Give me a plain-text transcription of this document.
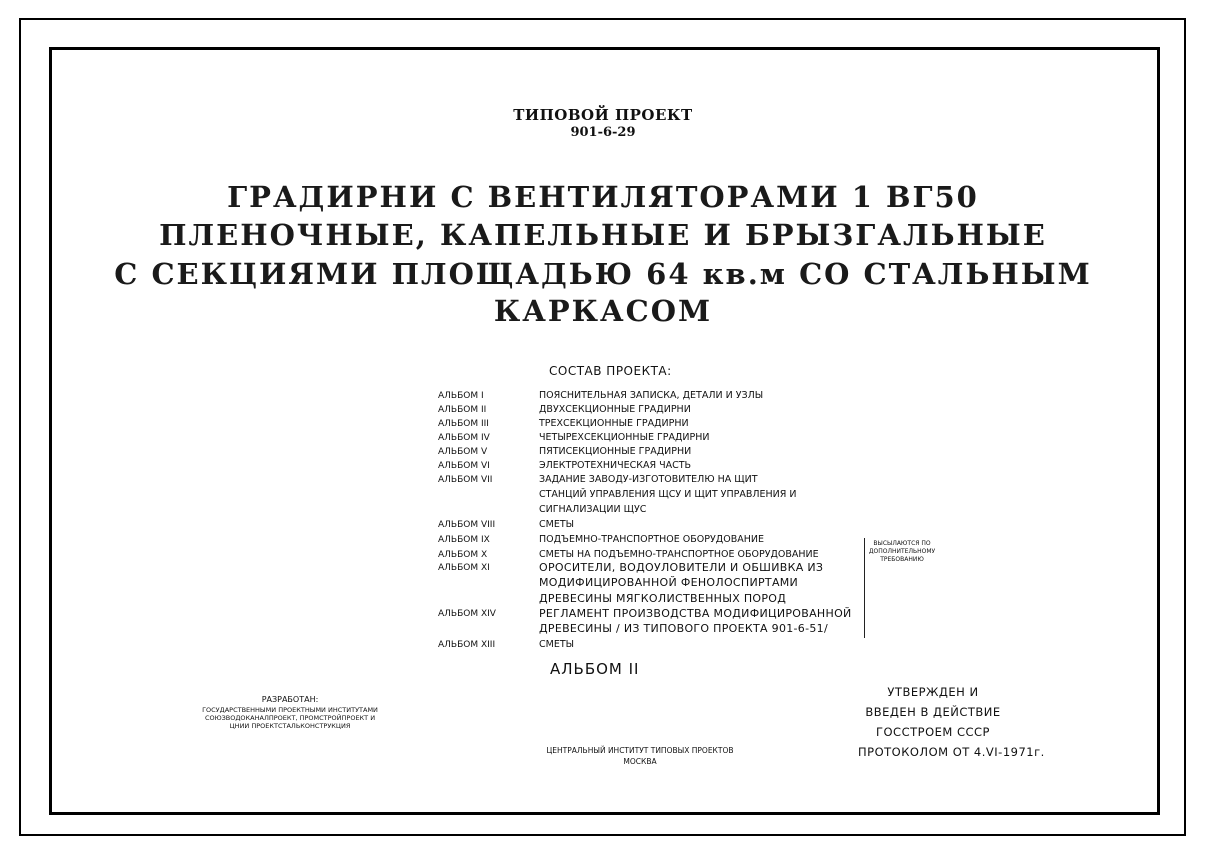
ТИПОВОЙ ПРОЕКТ
901-6-29
ГРАДИРНИ С ВЕНТИЛЯТОРАМИ 1 ВГ50
ПЛЕНОЧНЫЕ, КАПЕЛЬНЫЕ И БРЫЗГАЛЬНЫЕ
С СЕКЦИЯМИ ПЛОЩАДЬЮ 64 кв.м СО СТАЛЬНЫМ
КАРКАСОМ
СОСТАВ ПРОЕКТА:
АЛЬБОМ I	ПОЯСНИТЕЛЬНАЯ ЗАПИСКА, ДЕТАЛИ И УЗЛЫ
АЛЬБОМ II	ДВУХСЕКЦИОННЫЕ ГРАДИРНИ
АЛЬБОМ III	ТРЕХСЕКЦИОННЫЕ ГРАДИРНИ
АЛЬБОМ IV	ЧЕТЫРЕХСЕКЦИОННЫЕ ГРАДИРНИ
АЛЬБОМ V	ПЯТИСЕКЦИОННЫЕ ГРАДИРНИ
АЛЬБОМ VI	ЭЛЕКТРОТЕХНИЧЕСКАЯ ЧАСТЬ
АЛЬБОМ VII	ЗАДАНИЕ ЗАВОДУ-ИЗГОТОВИТЕЛЮ НА ЩИТ
СТАНЦИЙ УПРАВЛЕНИЯ ЩСУ И ЩИТ УПРАВЛЕНИЯ И
СИГНАЛИЗАЦИИ ЩУС
АЛЬБОМ VIII	СМЕТЫ
АЛЬБОМ IX	ПОДЪЕМНО-ТРАНСПОРТНОЕ ОБОРУДОВАНИЕ
АЛЬБОМ X	СМЕТЫ НА ПОДЪЕМНО-ТРАНСПОРТНОЕ ОБОРУДОВАНИЕ
АЛЬБОМ XI	ОРОСИТЕЛИ, ВОДОУЛОВИТЕЛИ И ОБШИВКА ИЗ
МОДИФИЦИРОВАННОЙ ФЕНОЛОСПИРТАМИ
ДРЕВЕСИНЫ МЯГКОЛИСТВЕННЫХ ПОРОД
АЛЬБОМ XIV	РЕГЛАМЕНТ ПРОИЗВОДСТВА МОДИФИЦИРОВАННОЙ
ДРЕВЕСИНЫ / ИЗ ТИПОВОГО ПРОЕКТА 901-6-51/
АЛЬБОМ XIII	СМЕТЫ
ВЫСЫЛАЮТСЯ ПО
ДОПОЛНИТЕЛЬНОМУ
ТРЕБОВАНИЮ
АЛЬБОМ II
РАЗРАБОТАН:
ГОСУДАРСТВЕННЫМИ ПРОЕКТНЫМИ ИНСТИТУТАМИ
СОЮЗВОДОКАНАЛПРОЕКТ, ПРОМСТРОЙПРОЕКТ И
ЦНИИ ПРОЕКТСТАЛЬКОНСТРУКЦИЯ
ЦЕНТРАЛЬНЫЙ ИНСТИТУТ ТИПОВЫХ ПРОЕКТОВ
МОСКВА
УТВЕРЖДЕН И
ВВЕДЕН В ДЕЙСТВИЕ
ГОССТРОЕМ СССР
ПРОТОКОЛОМ ОТ 4.VI-1971г.
